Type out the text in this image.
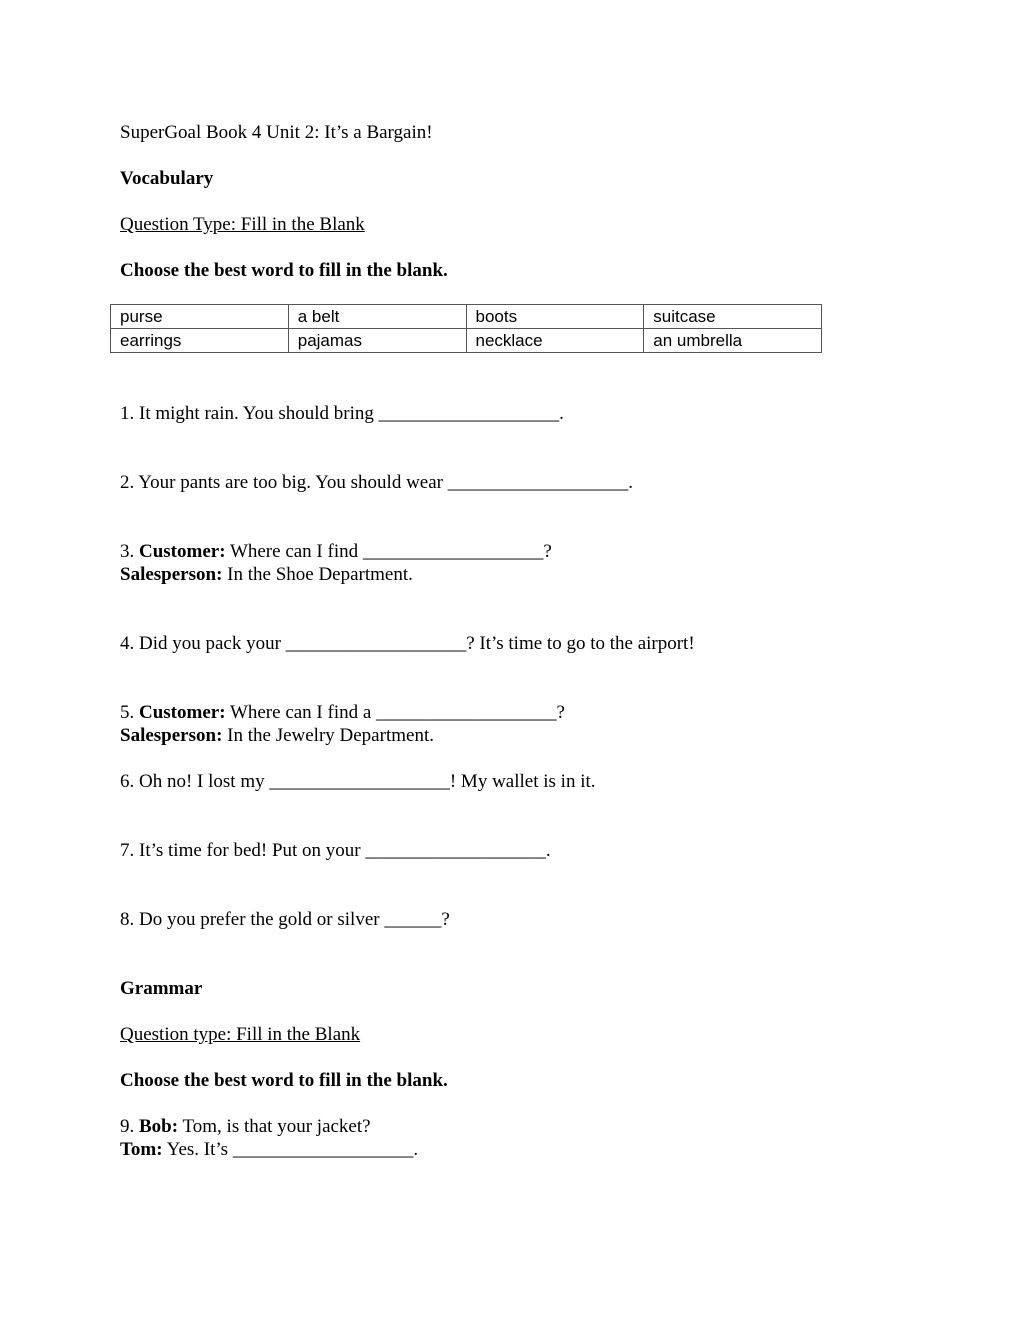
SuperGoal Book 4 Unit 2: It’s a Bargain!
Vocabulary
Question Type: Fill in the Blank
Choose the best word to fill in the blank.
purse	a belt	boots	suitcase
earrings	pajamas	necklace	an umbrella
1. It might rain. You should bring ___________________.
2. Your pants are too big. You should wear ___________________.
3. Customer: Where can I find ___________________?
Salesperson: In the Shoe Department.
4. Did you pack your ___________________? It’s time to go to the airport!
5. Customer: Where can I find a ___________________?
Salesperson: In the Jewelry Department.
6. Oh no! I lost my ___________________! My wallet is in it.
7. It’s time for bed! Put on your ___________________.
8. Do you prefer the gold or silver ______?
Grammar
Question type: Fill in the Blank
Choose the best word to fill in the blank.
9. Bob: Tom, is that your jacket?
Tom: Yes. It’s ___________________.
